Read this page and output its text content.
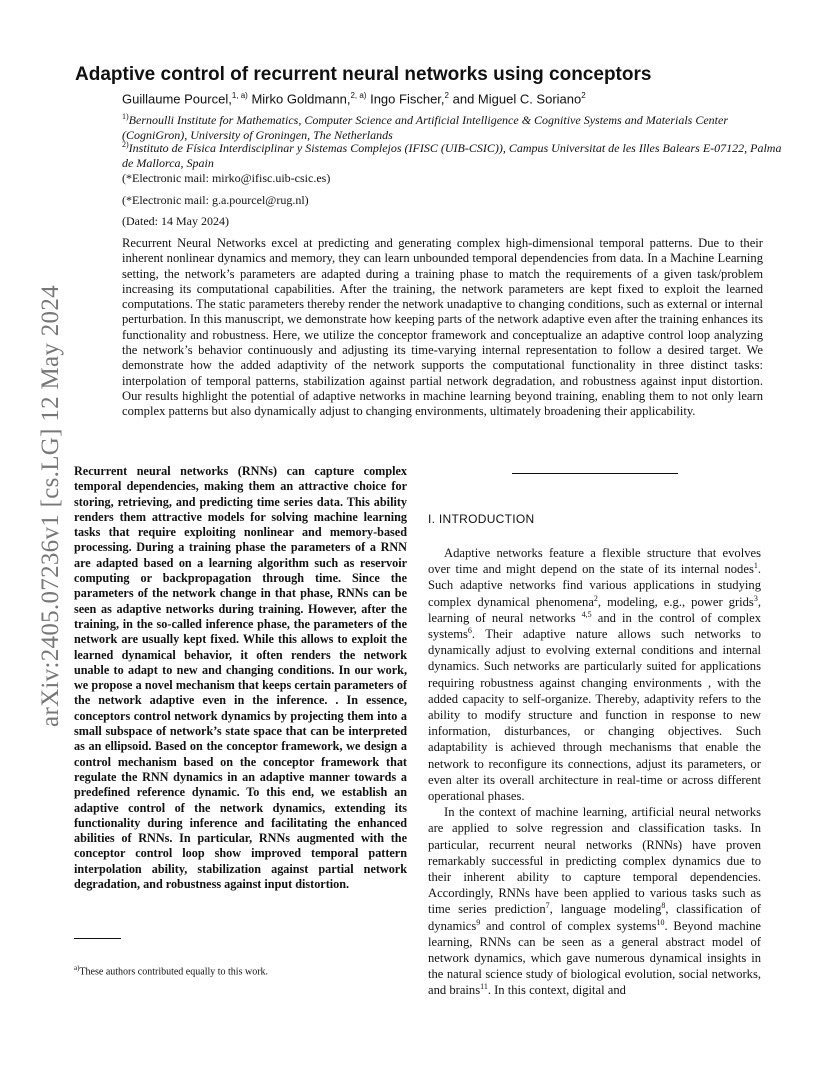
arXiv:2405.07236v1 [cs.LG] 12 May 2024
Adaptive control of recurrent neural networks using conceptors
Guillaume Pourcel,$^{1, a)}$ Mirko Goldmann,$^{2, a)}$ Ingo Fischer,$^2$ and Miguel C. Soriano$^2$
$^{1)}$Bernoulli Institute for Mathematics, Computer Science and Artificial Intelligence & Cognitive Systems and Materials Center (CogniGron), University of Groningen, The Netherlands
$^{2)}$Instituto de Física Interdisciplinar y Sistemas Complejos (IFISC (UIB-CSIC)), Campus Universitat de les Illes Balears E-07122, Palma de Mallorca, Spain
(*Electronic mail: mirko@ifisc.uib-csic.es)
(*Electronic mail: g.a.pourcel@rug.nl)
(Dated: 14 May 2024)
Recurrent Neural Networks excel at predicting and generating complex high-dimensional temporal patterns. Due to their inherent nonlinear dynamics and memory, they can learn unbounded temporal dependencies from data. In a Machine Learning setting, the network’s parameters are adapted during a training phase to match the requirements of a given task/problem increasing its computational capabilities. After the training, the network parameters are kept fixed to exploit the learned computations. The static parameters thereby render the network unadaptive to changing conditions, such as external or internal perturbation. In this manuscript, we demonstrate how keeping parts of the network adaptive even after the training enhances its functionality and robustness. Here, we utilize the conceptor framework and conceptualize an adaptive control loop analyzing the network’s behavior continuously and adjusting its time-varying internal representation to follow a desired target. We demonstrate how the added adaptivity of the network supports the computational functionality in three distinct tasks: interpolation of temporal patterns, stabilization against partial network degradation, and robustness against input distortion. Our results highlight the potential of adaptive networks in machine learning beyond training, enabling them to not only learn complex patterns but also dynamically adjust to changing environments, ultimately broadening their applicability.
Recurrent neural networks (RNNs) can capture complex temporal dependencies, making them an attractive choice for storing, retrieving, and predicting time series data. This ability renders them attractive models for solving machine learning tasks that require exploiting nonlinear and memory-based processing. During a training phase the parameters of a RNN are adapted based on a learning algorithm such as reservoir computing or backpropagation through time. Since the parameters of the network change in that phase, RNNs can be seen as adaptive networks during training. However, after the training, in the so-called inference phase, the parameters of the network are usually kept fixed. While this allows to exploit the learned dynamical behavior, it often renders the network unable to adapt to new and changing conditions. In our work, we propose a novel mechanism that keeps certain parameters of the network adaptive even in the inference. . In essence, conceptors control network dynamics by projecting them into a small subspace of network’s state space that can be interpreted as an ellipsoid. Based on the conceptor framework, we design a control mechanism based on the conceptor framework that regulate the RNN dynamics in an adaptive manner towards a predefined reference dynamic. To this end, we establish an adaptive control of the network dynamics, extending its functionality during inference and facilitating the enhanced abilities of RNNs. In particular, RNNs augmented with the conceptor control loop show improved temporal pattern interpolation ability, stabilization against partial network degradation, and robustness against input distortion.
$^{a)}$These authors contributed equally to this work.
I. INTRODUCTION

Adaptive networks feature a flexible structure that evolves over time and might depend on the state of its internal nodes$^1$. Such adaptive networks find various applications in studying complex dynamical phenomena$^2$, modeling, e.g., power grids$^3$, learning of neural networks $^{4,5}$ and in the control of complex systems$^6$. Their adaptive nature allows such networks to dynamically adjust to evolving external conditions and internal dynamics. Such networks are particularly suited for applications requiring robustness against changing environments , with the added capacity to self-organize. Thereby, adaptivity refers to the ability to modify structure and function in response to new information, disturbances, or changing objectives. Such adaptability is achieved through mechanisms that enable the network to reconfigure its connections, adjust its parameters, or even alter its overall architecture in real-time or across different operational phases.

In the context of machine learning, artificial neural networks are applied to solve regression and classification tasks. In particular, recurrent neural networks (RNNs) have proven remarkably successful in predicting complex dynamics due to their inherent ability to capture temporal dependencies. Accordingly, RNNs have been applied to various tasks such as time series prediction$^7$, language modeling$^8$, classification of dynamics$^9$ and control of complex systems$^{10}$. Beyond machine learning, RNNs can be seen as a general abstract model of network dynamics, which gave numerous dynamical insights in the natural science study of biological evolution, social networks, and brains$^{11}$. In this context, digital and
